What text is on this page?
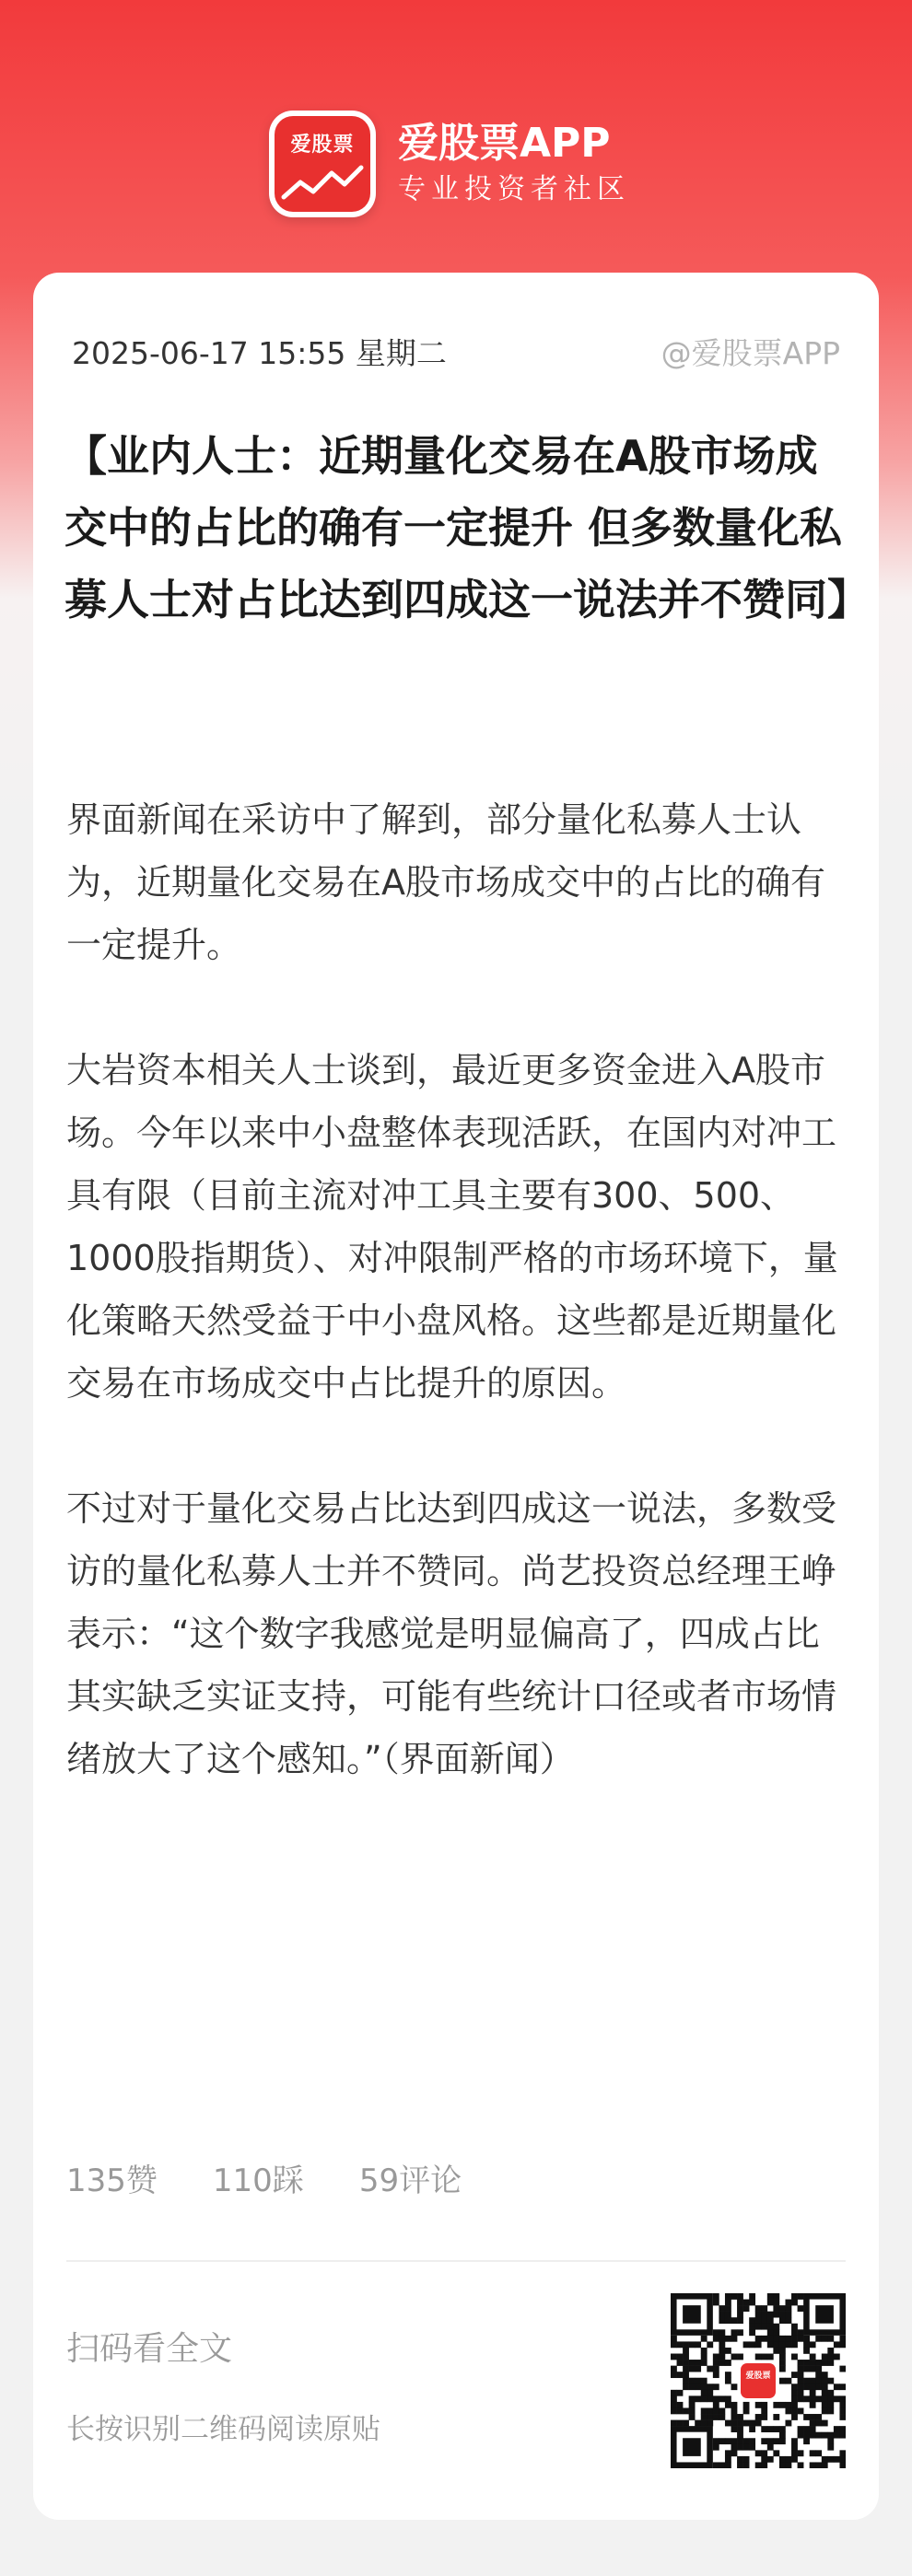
爱股票 爱股票APP
专业投资者社区
2025-06-17 15:55 星期二	@爱股票APP
【业内人士：近期量化交易在A股市场成交中的占比的确有一定提升 但多数量化私募人士对占比达到四成这一说法并不赞同】

界面新闻在采访中了解到，部分量化私募人士认为，近期量化交易在A股市场成交中的占比的确有一定提升。

大岩资本相关人士谈到，最近更多资金进入A股市场。今年以来中小盘整体表现活跃，在国内对冲工具有限（目前主流对冲工具主要有300、500、1000股指期货）、对冲限制严格的市场环境下，量化策略天然受益于中小盘风格。这些都是近期量化交易在市场成交中占比提升的原因。

不过对于量化交易占比达到四成这一说法，多数受访的量化私募人士并不赞同。尚艺投资总经理王峥表示：“这个数字我感觉是明显偏高了，四成占比其实缺乏实证支持，可能有些统计口径或者市场情绪放大了这个感知。”（界面新闻）

135赞 110踩 59评论
扫码看全文
长按识别二维码阅读原贴
爱股票
